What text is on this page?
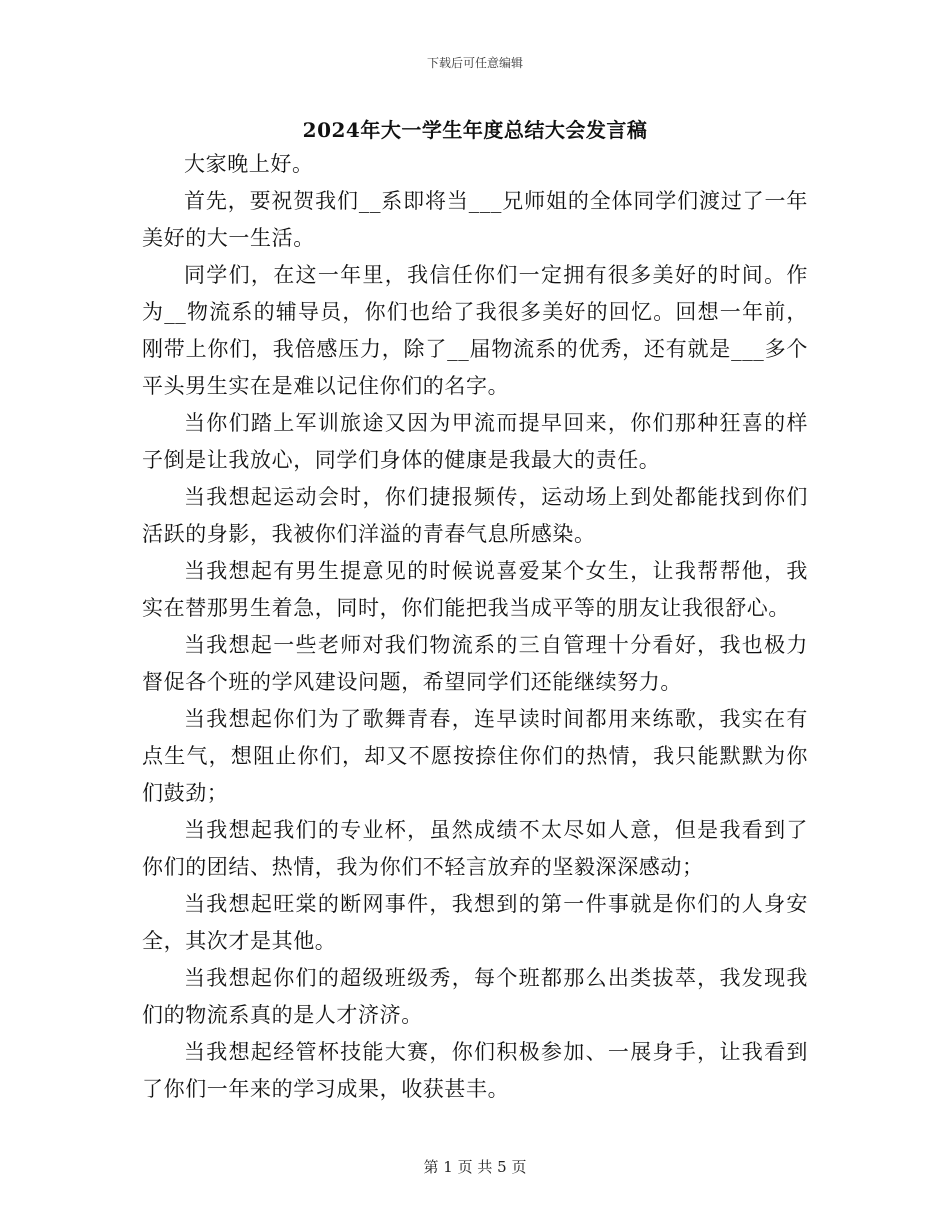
下载后可任意编辑
2024年大一学生年度总结大会发言稿

大家晚上好。

首先，要祝贺我们__系即将当___兄师姐的全体同学们渡过了一年美好的大一生活。

同学们，在这一年里，我信任你们一定拥有很多美好的时间。作为__物流系的辅导员，你们也给了我很多美好的回忆。回想一年前，刚带上你们，我倍感压力，除了__届物流系的优秀，还有就是___多个平头男生实在是难以记住你们的名字。

当你们踏上军训旅途又因为甲流而提早回来，你们那种狂喜的样子倒是让我放心，同学们身体的健康是我最大的责任。

当我想起运动会时，你们捷报频传，运动场上到处都能找到你们活跃的身影，我被你们洋溢的青春气息所感染。

当我想起有男生提意见的时候说喜爱某个女生，让我帮帮他，我实在替那男生着急，同时，你们能把我当成平等的朋友让我很舒心。

当我想起一些老师对我们物流系的三自管理十分看好，我也极力督促各个班的学风建设问题，希望同学们还能继续努力。

当我想起你们为了歌舞青春，连早读时间都用来练歌，我实在有点生气，想阻止你们，却又不愿按捺住你们的热情，我只能默默为你们鼓劲；

当我想起我们的专业杯，虽然成绩不太尽如人意，但是我看到了你们的团结、热情，我为你们不轻言放弃的坚毅深深感动；

当我想起旺棠的断网事件，我想到的第一件事就是你们的人身安全，其次才是其他。

当我想起你们的超级班级秀，每个班都那么出类拔萃，我发现我们的物流系真的是人才济济。

当我想起经管杯技能大赛，你们积极参加、一展身手，让我看到了你们一年来的学习成果，收获甚丰。

第 1 页 共 5 页
